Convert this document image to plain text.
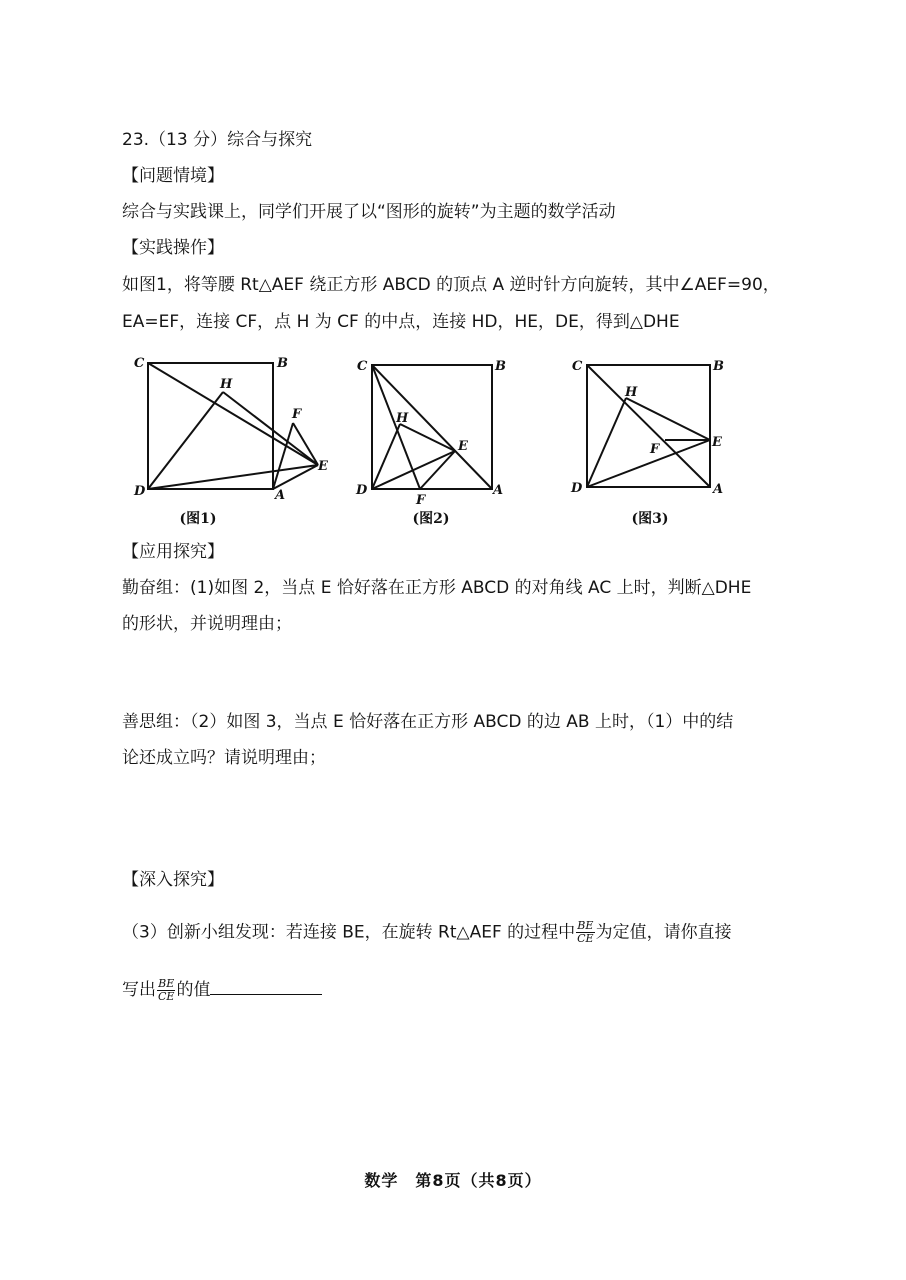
23.（13 分）综合与探究
【问题情境】
综合与实践课上，同学们开展了以“图形的旋转”为主题的数学活动
【实践操作】
如图1，将等腰 Rt△AEF 绕正方形 ABCD 的顶点 A 逆时针方向旋转，其中∠AEF=90，
EA=EF，连接 CF，点 H 为 CF 的中点，连接 HD，HE，DE，得到△DHE
C	B
D	A
H
F
E
(图1)
C	B
D	A
H
F
E
(图2)
C	B
D	A
H
F	E
(图3)
【应用探究】
勤奋组：(1)如图 2，当点 E 恰好落在正方形 ABCD 的对角线 AC 上时，判断△DHE
的形状，并说明理由；
善思组：（2）如图 3，当点 E 恰好落在正方形 ABCD 的边 AB 上时，（1）中的结
论还成立吗？请说明理由；
【深入探究】
（3）创新小组发现：若连接 BE，在旋转 Rt△AEF 的过程中 $\frac{BE}{CE}$ 为定值，请你直接
写出 $\frac{BE}{CE}$ 的值
数学　第8页（共8页）
